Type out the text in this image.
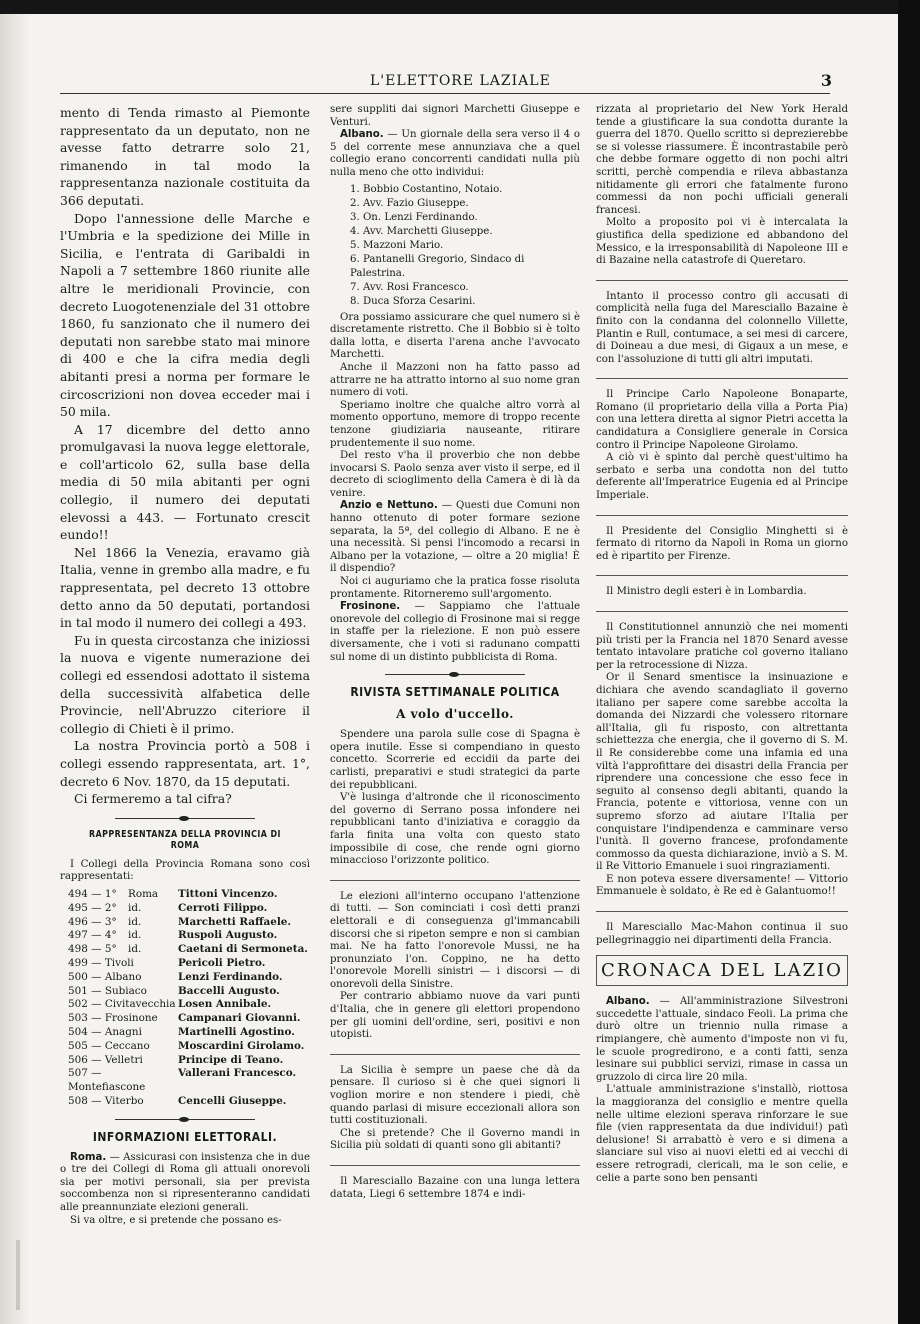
L'ELETTORE LAZIALE	3

mento di Tenda rimasto al Piemonte rappresentato da un deputato, non ne avesse fatto detrarre solo 21, rimanendo in tal modo la rappresentanza nazionale costituita da 366 deputati.

Dopo l'annessione delle Marche e l'Umbria e la spedizione dei Mille in Sicilia, e l'entrata di Garibaldi in Napoli a 7 settembre 1860 riunite alle altre le meridionali Provincie, con decreto Luogotenenziale del 31 ottobre 1860, fu sanzionato che il numero dei deputati non sarebbe stato mai minore di 400 e che la cifra media degli abitanti presi a norma per formare le circoscrizioni non dovea ecceder mai i 50 mila.

A 17 dicembre del detto anno promulgavasi la nuova legge elettorale, e coll'articolo 62, sulla base della media di 50 mila abitanti per ogni collegio, il numero dei deputati elevossi a 443. — Fortunato crescit eundo!!

Nel 1866 la Venezia, eravamo già Italia, venne in grembo alla madre, e fu rappresentata, pel decreto 13 ottobre detto anno da 50 deputati, portandosi in tal modo il numero dei collegi a 493.

Fu in questa circostanza che iniziossi la nuova e vigente numerazione dei collegi ed essendosi adottato il sistema della successività alfabetica delle Provincie, nell'Abruzzo citeriore il collegio di Chieti è il primo.

La nostra Provincia portò a 508 i collegi essendo rappresentata, art. 1°, decreto 6 Nov. 1870, da 15 deputati.

Ci fermeremo a tal cifra?

RAPPRESENTANZA DELLA PROVINCIA DI ROMA

I Collegi della Provincia Romana sono così rappresentati:

494 — 1°	Roma	Tittoni Vincenzo.
495 — 2°	id.	Cerroti Filippo.
496 — 3°	id.	Marchetti Raffaele.
497 — 4°	id.	Ruspoli Augusto.
498 — 5°	id.	Caetani di Sermoneta.
499 — Tivoli	Pericoli Pietro.
500 — Albano	Lenzi Ferdinando.
501 — Subiaco	Baccelli Augusto.
502 — Civitavecchia Losen Annibale.
503 — Frosinone	Campanari Giovanni.
504 — Anagni	Martinelli Agostino.
505 — Ceccano	Moscardini Girolamo.
506 — Velletri	Principe di Teano.
507 — Montefiascone
Vallerani Francesco.
508 — Viterbo	Cencelli Giuseppe.
INFORMAZIONI ELETTORALI.

Roma. — Assicurasi con insistenza che in due o tre dei Collegi di Roma gli attuali onorevoli sia per motivi personali, sia per prevista soccombenza non si ripresenteranno candidati alle preannunziate elezioni generali.

Si va oltre, e si pretende che possano es-

sere suppliti dai signori Marchetti Giuseppe e Venturi.

Albano. — Un giornale della sera verso il 4 o 5 del corrente mese annunziava che a quel collegio erano concorrenti candidati nulla più nulla meno che otto individui:

1. Bobbio Costantino, Notaio.
2. Avv. Fazio Giuseppe.
3. On. Lenzi Ferdinando.
4. Avv. Marchetti Giuseppe.
5. Mazzoni Mario.
6. Pantanelli Gregorio, Sindaco di Palestrina.
7. Avv. Rosi Francesco.
8. Duca Sforza Cesarini.

Ora possiamo assicurare che quel numero si è discretamente ristretto. Che il Bobbio si è tolto dalla lotta, e diserta l'arena anche l'avvocato Marchetti.

Anche il Mazzoni non ha fatto passo ad attrarre ne ha attratto intorno al suo nome gran numero di voti.

Speriamo inoltre che qualche altro vorrà al momento opportuno, memore di troppo recente tenzone giudiziaria nauseante, ritirare prudentemente il suo nome.

Del resto v'ha il proverbio che non debbe invocarsi S. Paolo senza aver visto il serpe, ed il decreto di scioglimento della Camera è di là da venire.

Anzio e Nettuno. — Questi due Comuni non hanno ottenuto di poter formare sezione separata, la 5ª, del collegio di Albano. E ne è una necessità. Si pensi l'incomodo a recarsi in Albano per la votazione, — oltre a 20 miglia! È il dispendio?

Noi ci auguriamo che la pratica fosse risoluta prontamente. Ritorneremo sull'argomento.

Frosinone. — Sappiamo che l'attuale onorevole del collegio di Frosinone mai si regge in staffe per la rielezione. E non può essere diversamente, che i voti si radunano compatti sul nome di un distinto pubblicista di Roma.

RIVISTA SETTIMANALE POLITICA
A volo d'uccello.

Spendere una parola sulle cose di Spagna è opera inutile. Esse si compendiano in questo concetto. Scorrerie ed eccidii da parte dei carlisti, preparativi e studi strategici da parte dei repubblicani.

V'è lusinga d'altronde che il riconoscimento del governo di Serrano possa infondere nei repubblicani tanto d'iniziativa e coraggio da farla finita una volta con questo stato impossibile di cose, che rende ogni giorno minaccioso l'orizzonte politico.

Le elezioni all'interno occupano l'attenzione di tutti. — Son cominciati i così detti pranzi elettorali e di conseguenza gl'immancabili discorsi che si ripeton sempre e non si cambian mai. Ne ha fatto l'onorevole Mussi, ne ha pronunziato l'on. Coppino, ne ha detto l'onorevole Morelli sinistri — i discorsi — di onorevoli della Sinistre.

Per contrario abbiamo nuove da vari punti d'Italia, che in genere gli elettori propendono per gli uomini dell'ordine, seri, positivi e non utopisti.

La Sicilia è sempre un paese che dà da pensare. Il curioso si è che quei signori li voglion morire e non stendere i piedi, chè quando parlasi di misure eccezionali allora son tutti costituzionali.

Che si pretende? Che il Governo mandi in Sicilia più soldati di quanti sono gli abitanti?

Il Maresciallo Bazaine con una lunga lettera datata, Liegi 6 settembre 1874 e indi-

rizzata al proprietario del New York Herald tende a giustificare la sua condotta durante la guerra del 1870. Quello scritto si deprezierebbe se si volesse riassumere. È incontrastabile però che debbe formare oggetto di non pochi altri scritti, perchè compendia e rileva abbastanza nitidamente gli errori che fatalmente furono commessi da non pochi ufficiali generali francesi.

Molto a proposito poi vi è intercalata la giustifica della spedizione ed abbandono del Messico, e la irresponsabilità di Napoleone III e di Bazaine nella catastrofe di Queretaro.

Intanto il processo contro gli accusati di complicità nella fuga del Maresciallo Bazaine è finito con la condanna del colonnello Villette, Plantin e Rull, contumace, a sei mesi di carcere, di Doineau a due mesi, di Gigaux a un mese, e con l'assoluzione di tutti gli altri imputati.

Il Principe Carlo Napoleone Bonaparte, Romano (il proprietario della villa a Porta Pia) con una lettera diretta al signor Pietri accetta la candidatura a Consigliere generale in Corsica contro il Principe Napoleone Girolamo.

A ciò vi è spinto dal perchè quest'ultimo ha serbato e serba una condotta non del tutto deferente all'Imperatrice Eugenia ed al Principe Imperiale.

Il Presidente del Consiglio Minghetti si è fermato di ritorno da Napoli in Roma un giorno ed è ripartito per Firenze.

Il Ministro degli esteri è in Lombardia.

Il Constitutionnel annunziò che nei momenti più tristi per la Francia nel 1870 Senard avesse tentato intavolare pratiche col governo italiano per la retrocessione di Nizza.

Or il Senard smentisce la insinuazione e dichiara che avendo scandagliato il governo italiano per sapere come sarebbe accolta la domanda dei Nizzardi che volessero ritornare all'Italia, gli fu risposto, con altrettanta schiettezza che energia, che il governo di S. M. il Re considerebbe come una infamia ed una viltà l'approfittare dei disastri della Francia per riprendere una concessione che esso fece in seguito al consenso degli abitanti, quando la Francia, potente e vittoriosa, venne con un supremo sforzo ad aiutare l'Italia per conquistare l'indipendenza e camminare verso l'unità. Il governo francese, profondamente commosso da questa dichiarazione, inviò a S. M. il Re Vittorio Emanuele i suoi ringraziamenti.

E non poteva essere diversamente! — Vittorio Emmanuele è soldato, è Re ed è Galantuomo!!

Il Maresciallo Mac-Mahon continua il suo pellegrinaggio nei dipartimenti della Francia.

CRONACA DEL LAZIO

Albano. — All'amministrazione Silvestroni succedette l'attuale, sindaco Feoli. La prima che durò oltre un triennio nulla rimase a rimpiangere, chè aumento d'imposte non vi fu, le scuole progredirono, e a conti fatti, senza lesinare sui pubblici servizi, rimase in cassa un gruzzolo di circa lire 20 mila.

L'attuale amministrazione s'installò, riottosa la maggioranza del consiglio e mentre quella nelle ultime elezioni sperava rinforzare le sue file (vien rappresentata da due individui!) patì delusione! Si arrabattò è vero e si dimena a slanciare sul viso ai nuovi eletti ed ai vecchi di essere retrogradi, clericali, ma le son celie, e celie a parte sono ben pensanti
